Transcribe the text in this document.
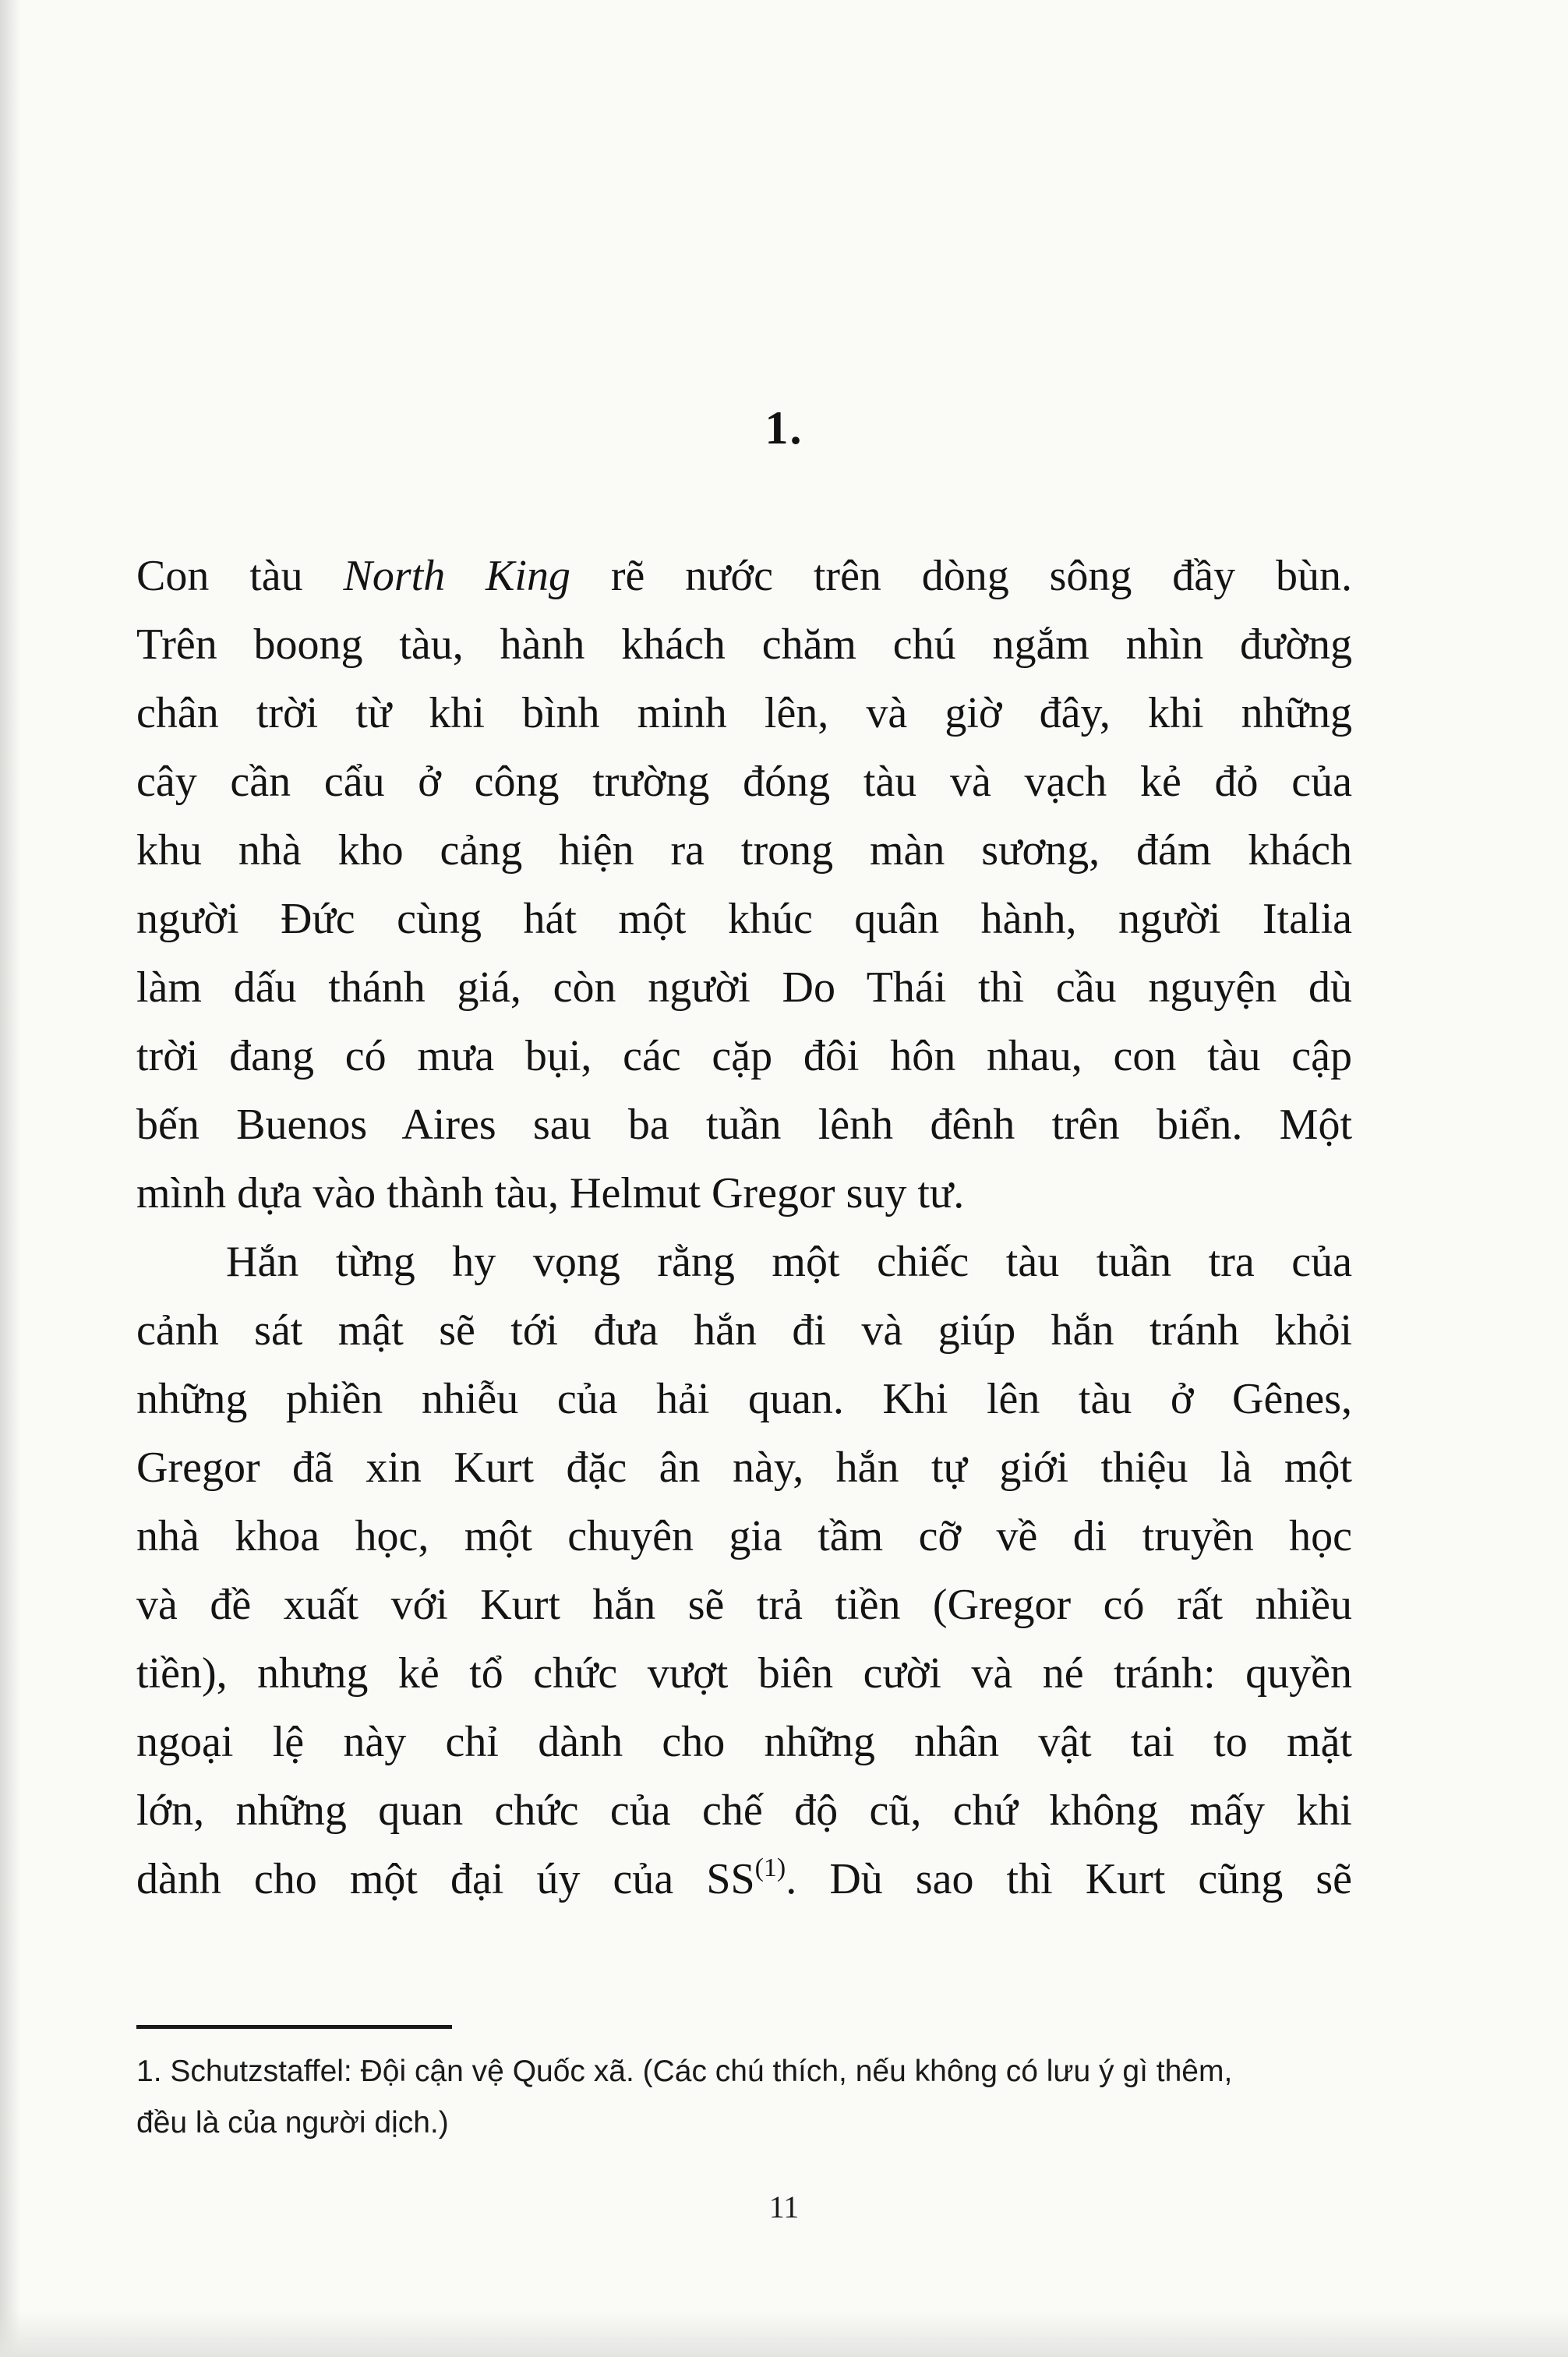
1.
Con tàu North King rẽ nước trên dòng sông đầy bùn.
Trên boong tàu, hành khách chăm chú ngắm nhìn đường
chân trời từ khi bình minh lên, và giờ đây, khi những
cây cần cẩu ở công trường đóng tàu và vạch kẻ đỏ của
khu nhà kho cảng hiện ra trong màn sương, đám khách
người Đức cùng hát một khúc quân hành, người Italia
làm dấu thánh giá, còn người Do Thái thì cầu nguyện dù
trời đang có mưa bụi, các cặp đôi hôn nhau, con tàu cập
bến Buenos Aires sau ba tuần lênh đênh trên biển. Một
mình dựa vào thành tàu, Helmut Gregor suy tư.
Hắn từng hy vọng rằng một chiếc tàu tuần tra của
cảnh sát mật sẽ tới đưa hắn đi và giúp hắn tránh khỏi
những phiền nhiễu của hải quan. Khi lên tàu ở Gênes,
Gregor đã xin Kurt đặc ân này, hắn tự giới thiệu là một
nhà khoa học, một chuyên gia tầm cỡ về di truyền học
và đề xuất với Kurt hắn sẽ trả tiền (Gregor có rất nhiều
tiền), nhưng kẻ tổ chức vượt biên cười và né tránh: quyền
ngoại lệ này chỉ dành cho những nhân vật tai to mặt
lớn, những quan chức của chế độ cũ, chứ không mấy khi
dành cho một đại úy của SS$^{(1)}$. Dù sao thì Kurt cũng sẽ
1. Schutzstaffel: Đội cận vệ Quốc xã. (Các chú thích, nếu không có lưu ý gì thêm,
đều là của người dịch.)
11
